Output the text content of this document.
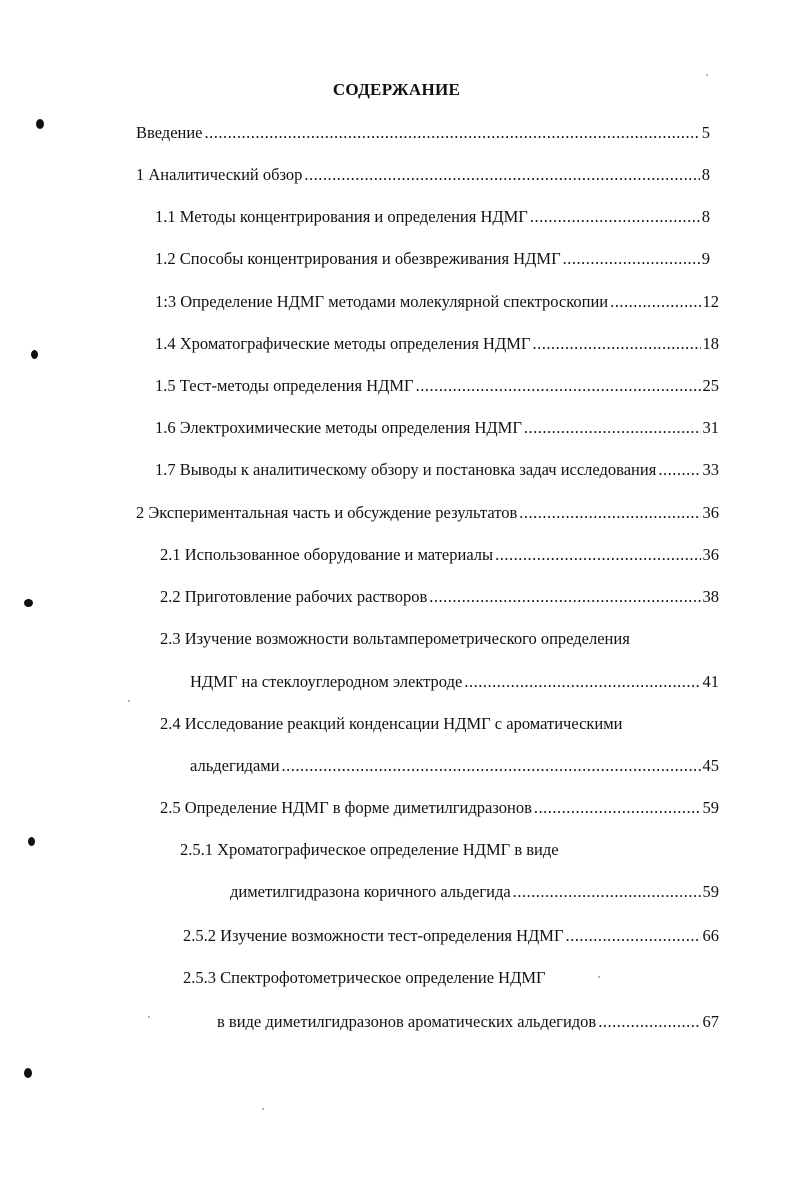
СОДЕРЖАНИЕ
Введение .....	5
1 Аналитический обзор .....	8
1.1 Методы концентрирования и определения НДМГ .....	8
1.2 Способы концентрирования и обезвреживания НДМГ .....	9
1:3 Определение НДМГ методами молекулярной спектроскопии .....	12
1.4 Хроматографические методы определения НДМГ .....	18
1.5 Тест-методы определения НДМГ .....	25
1.6 Электрохимические методы определения НДМГ .....	31
1.7 Выводы к аналитическому обзору и постановка задач исследования .....	33
2 Экспериментальная часть и обсуждение результатов .....	36
2.1 Использованное оборудование и материалы .....	36
2.2 Приготовление рабочих растворов .....	38
2.3 Изучение возможности вольтамперометрического определения
НДМГ на стеклоуглеродном электроде .....	41
2.4 Исследование реакций конденсации НДМГ с ароматическими
альдегидами .....	45
2.5 Определение НДМГ в форме диметилгидразонов .....	59
2.5.1 Хроматографическое определение НДМГ в виде
диметилгидразона коричного альдегида .....	59
2.5.2 Изучение возможности тест-определения НДМГ .....	66
2.5.3 Спектрофотометрическое определение НДМГ
в виде диметилгидразонов ароматических альдегидов .....	67
